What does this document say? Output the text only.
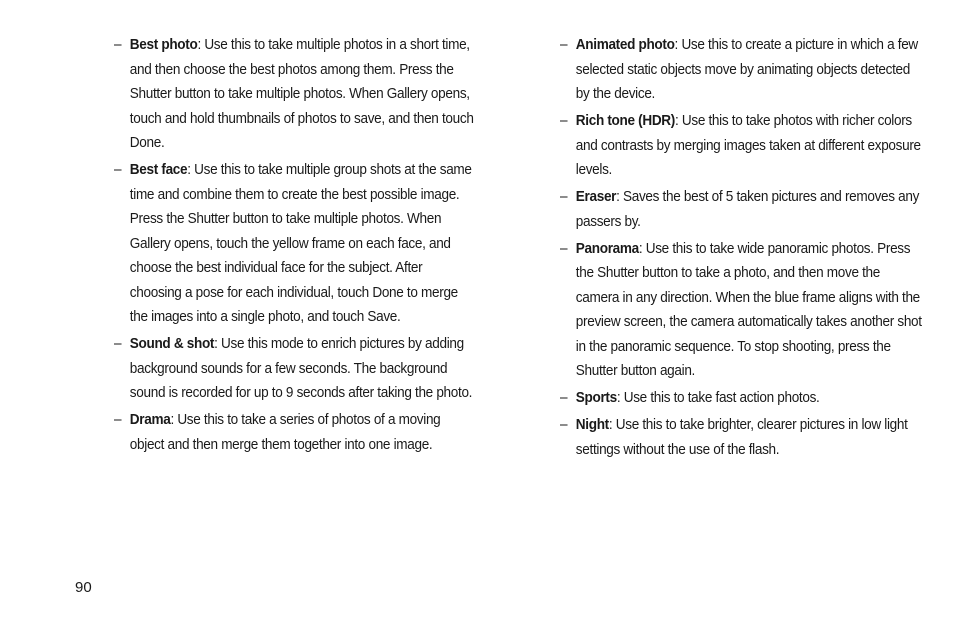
– Best photo: Use this to take multiple photos in a short time, and then choose the best photos among them. Press the Shutter button to take multiple photos. When Gallery opens, touch and hold thumbnails of photos to save, and then touch Done.
– Best face: Use this to take multiple group shots at the same time and combine them to create the best possible image. Press the Shutter button to take multiple photos. When Gallery opens, touch the yellow frame on each face, and choose the best individual face for the subject. After choosing a pose for each individual, touch Done to merge the images into a single photo, and touch Save.
– Sound & shot: Use this mode to enrich pictures by adding background sounds for a few seconds. The background sound is recorded for up to 9 seconds after taking the photo.
– Drama: Use this to take a series of photos of a moving object and then merge them together into one image.
– Animated photo: Use this to create a picture in which a few selected static objects move by animating objects detected by the device.
– Rich tone (HDR): Use this to take photos with richer colors and contrasts by merging images taken at different exposure levels.
– Eraser: Saves the best of 5 taken pictures and removes any passers by.
– Panorama: Use this to take wide panoramic photos. Press the Shutter button to take a photo, and then move the camera in any direction. When the blue frame aligns with the preview screen, the camera automatically takes another shot in the panoramic sequence. To stop shooting, press the Shutter button again.
– Sports: Use this to take fast action photos.
– Night: Use this to take brighter, clearer pictures in low light settings without the use of the flash.
90
